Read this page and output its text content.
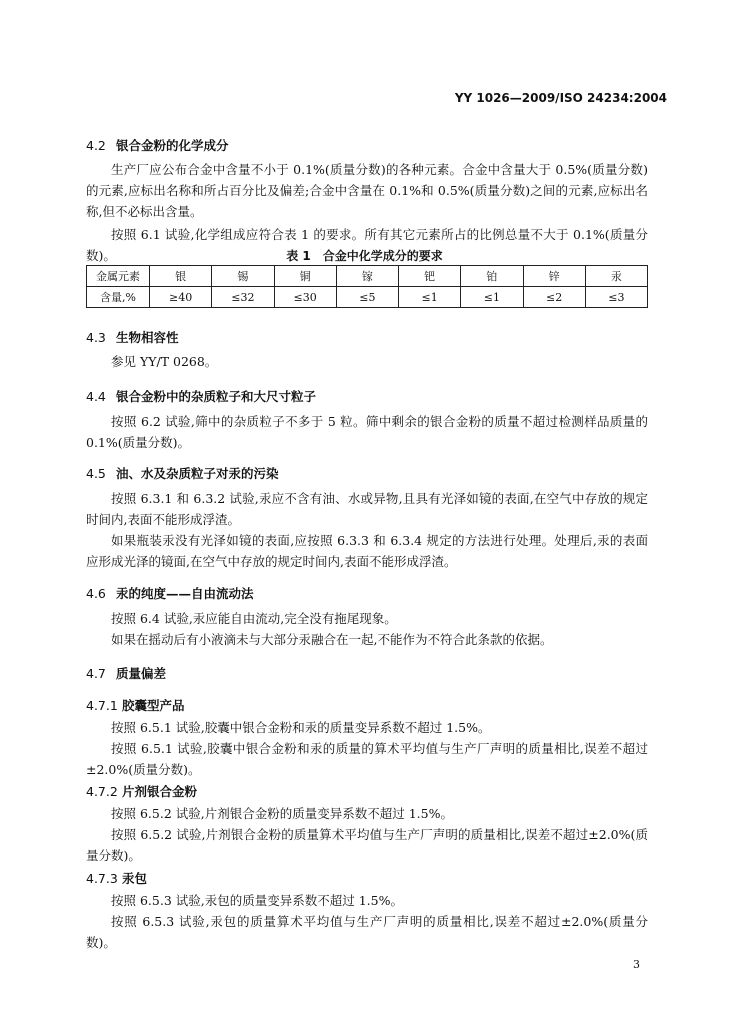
YY 1026—2009/ISO 24234:2004
4.2 银合金粉的化学成分
生产厂应公布合金中含量不小于 0.1%(质量分数)的各种元素。合金中含量大于 0.5%(质量分数)的元素,应标出名称和所占百分比及偏差;合金中含量在 0.1%和 0.5%(质量分数)之间的元素,应标出名称,但不必标出含量。
按照 6.1 试验,化学组成应符合表 1 的要求。所有其它元素所占的比例总量不大于 0.1%(质量分数)。	表 1　合金中化学成分的要求
金属元素	银	锡	铜	镓	钯	铂	锌	汞
含量,%	≥40	≤32	≤30	≤5	≤1	≤1	≤2	≤3
4.3 生物相容性
参见 YY/T 0268。
4.4 银合金粉中的杂质粒子和大尺寸粒子
按照 6.2 试验,筛中的杂质粒子不多于 5 粒。筛中剩余的银合金粉的质量不超过检测样品质量的 0.1%(质量分数)。
4.5 油、水及杂质粒子对汞的污染
按照 6.3.1 和 6.3.2 试验,汞应不含有油、水或异物,且具有光泽如镜的表面,在空气中存放的规定时间内,表面不能形成浮渣。
如果瓶装汞没有光泽如镜的表面,应按照 6.3.3 和 6.3.4 规定的方法进行处理。处理后,汞的表面应形成光泽的镜面,在空气中存放的规定时间内,表面不能形成浮渣。
4.6 汞的纯度——自由流动法
按照 6.4 试验,汞应能自由流动,完全没有拖尾现象。
如果在摇动后有小液滴未与大部分汞融合在一起,不能作为不符合此条款的依据。
4.7 质量偏差
4.7.1 胶囊型产品
按照 6.5.1 试验,胶囊中银合金粉和汞的质量变异系数不超过 1.5%。
按照 6.5.1 试验,胶囊中银合金粉和汞的质量的算术平均值与生产厂声明的质量相比,误差不超过±2.0%(质量分数)。
4.7.2 片剂银合金粉
按照 6.5.2 试验,片剂银合金粉的质量变异系数不超过 1.5%。
按照 6.5.2 试验,片剂银合金粉的质量算术平均值与生产厂声明的质量相比,误差不超过±2.0%(质量分数)。
4.7.3 汞包
按照 6.5.3 试验,汞包的质量变异系数不超过 1.5%。
按照 6.5.3 试验,汞包的质量算术平均值与生产厂声明的质量相比,误差不超过±2.0%(质量分数)。
3
